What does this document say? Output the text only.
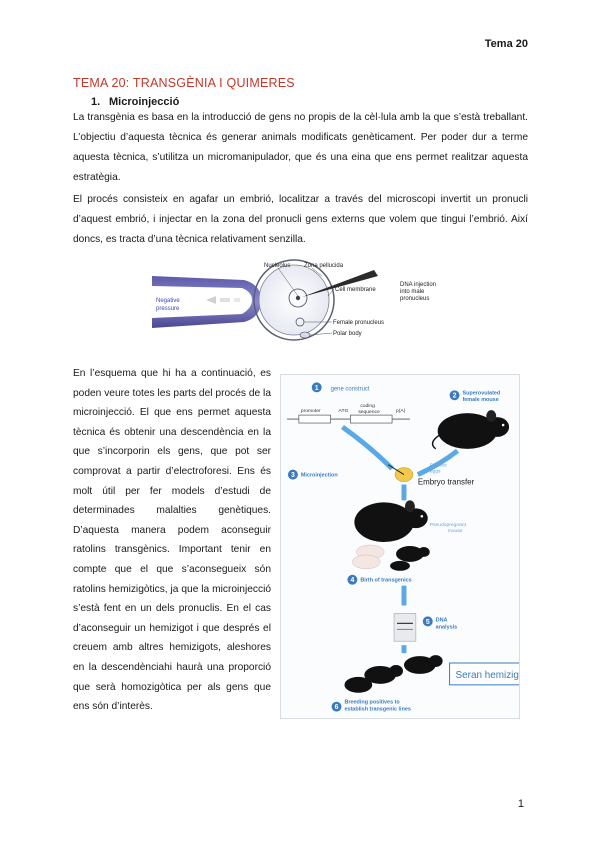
Tema 20
TEMA 20: TRANSGÈNIA I QUIMERES
1. Microinjecció

La transgènia es basa en la introducció de gens no propis de la cèl·lula amb la que s’està treballant. L’objectiu d’aquesta tècnica és generar animals modificats genèticament. Per poder dur a terme aquesta tècnica, s’utilitza un micromanipulador, que és una eina que ens permet realitzar aquesta estratègia.

El procés consisteix en agafar un embrió, localitzar a través del microscopi invertit un pronucli d’aquest embrió, i injectar en la zona del pronucli gens externs que volem que tingui l’embrió. Així doncs, es tracta d’una tècnica relativament senzilla.

Nucleolus Zona pellucida
Negative
pressure
Cell membrane
Female pronucleus
Polar body
DNA injection
into male
pronucleus

En l’esquema que hi ha a continuació, es poden veure totes les parts del procés de la microinjecció. El que ens permet aquesta tècnica és obtenir una descendència en la que s’incorporin els gens, que pot ser comprovat a partir d’electroforesi. Ens és molt útil per fer models d’estudi de determinades malalties genètiques. D’aquesta manera podem aconseguir ratolins transgènics. Important tenir en compte que el que s’aconsegueix són ratolins hemizigòtics, ja que la microinjecció s’està fent en un dels pronuclis. En el cas d’aconseguir un hemizigot i que després el creuem amb altres hemizigots, aleshores en la descendènciahi haurà una proporció que serà homozigòtica per als gens que ens són d’interès.

1 gene construct
2 Superovulated
female mouse
promoter	ATG
coding
sequence	p(A)
Fertilize
eggs
3 Microinjection
Embryo transfer
Pseudopregnant
mouse
4 Birth of transgenics
5 DNA
analysis
Seran hemizig
6
Breeding positives to
establish transgenic lines
1
